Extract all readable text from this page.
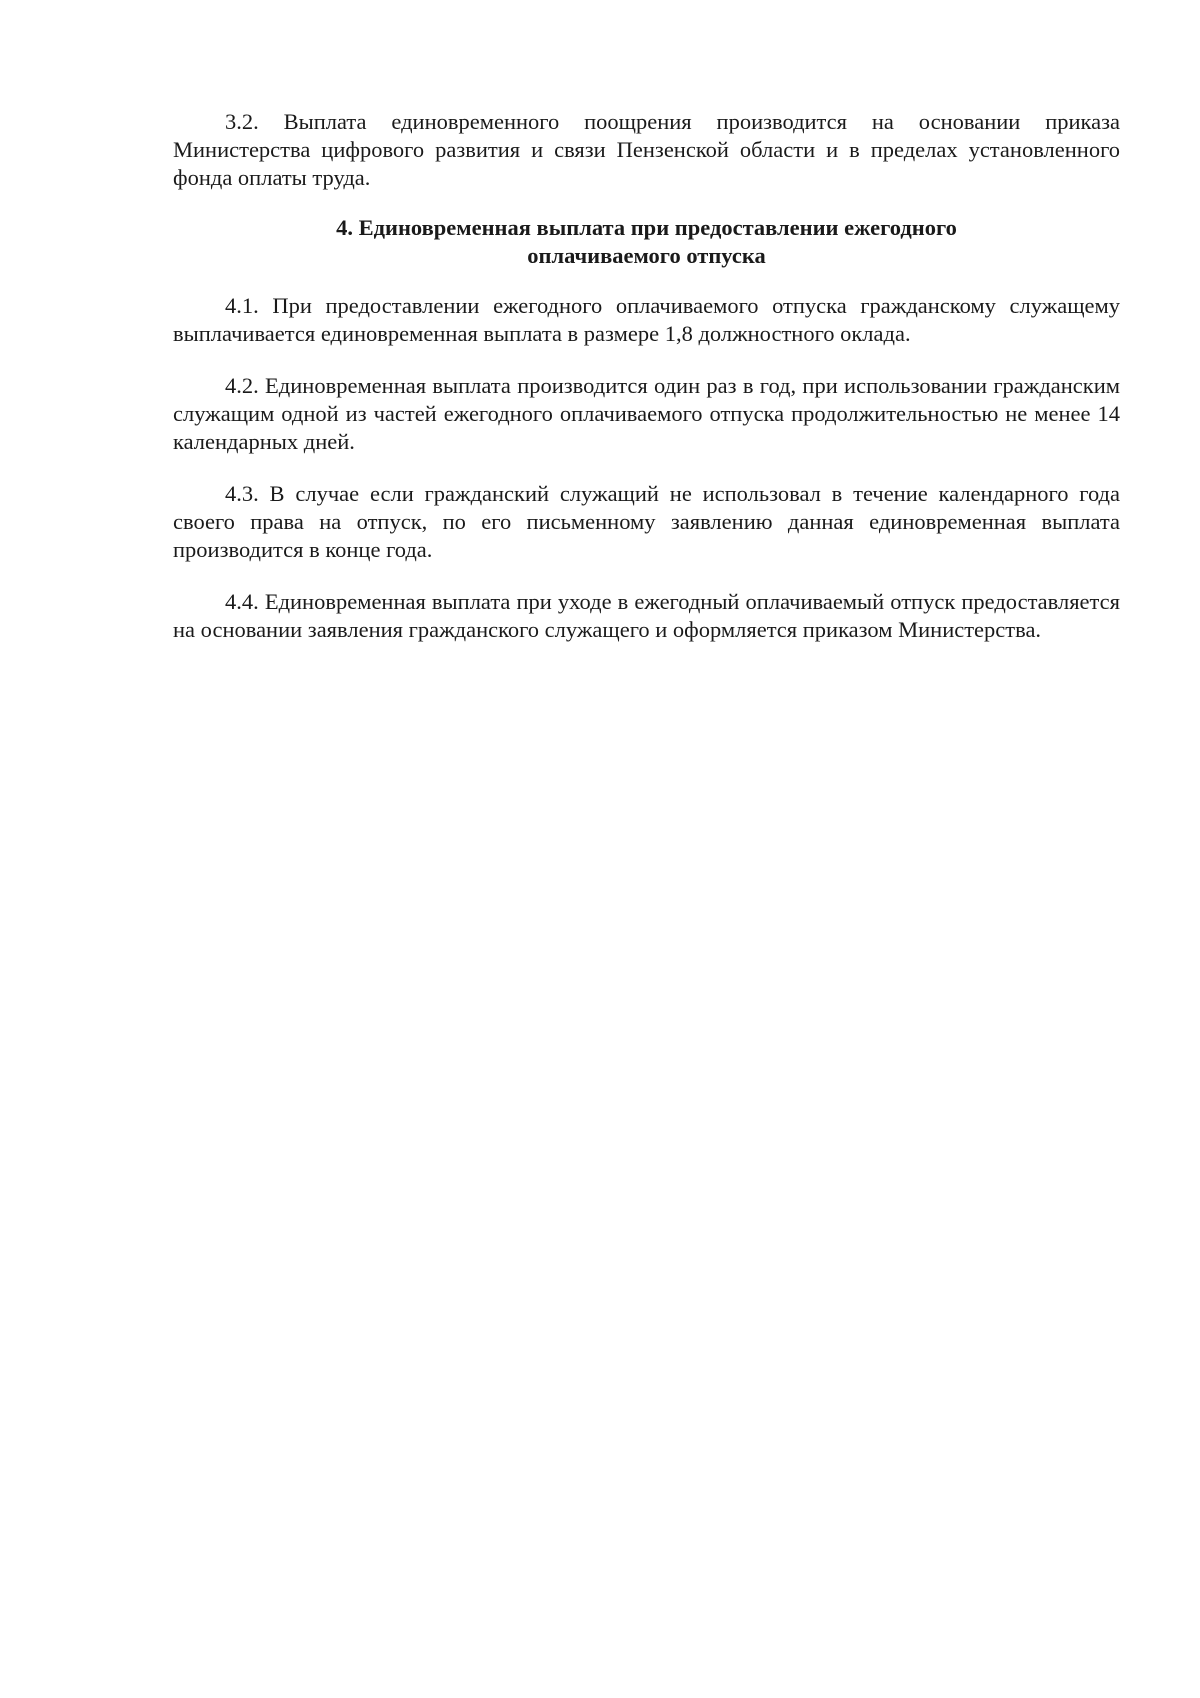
3.2. Выплата единовременного поощрения производится на основании приказа Министерства цифрового развития и связи Пензенской области и в пределах установленного фонда оплаты труда.

4. Единовременная выплата при предоставлении ежегодного
оплачиваемого отпуска

4.1. При предоставлении ежегодного оплачиваемого отпуска гражданскому служащему выплачивается единовременная выплата в размере 1,8 должностного оклада.

4.2. Единовременная выплата производится один раз в год, при использовании гражданским служащим одной из частей ежегодного оплачиваемого отпуска продолжительностью не менее 14 календарных дней.

4.3. В случае если гражданский служащий не использовал в течение календарного года своего права на отпуск, по его письменному заявлению данная единовременная выплата производится в конце года.

4.4. Единовременная выплата при уходе в ежегодный оплачиваемый отпуск предоставляется на основании заявления гражданского служащего и оформляется приказом Министерства.
